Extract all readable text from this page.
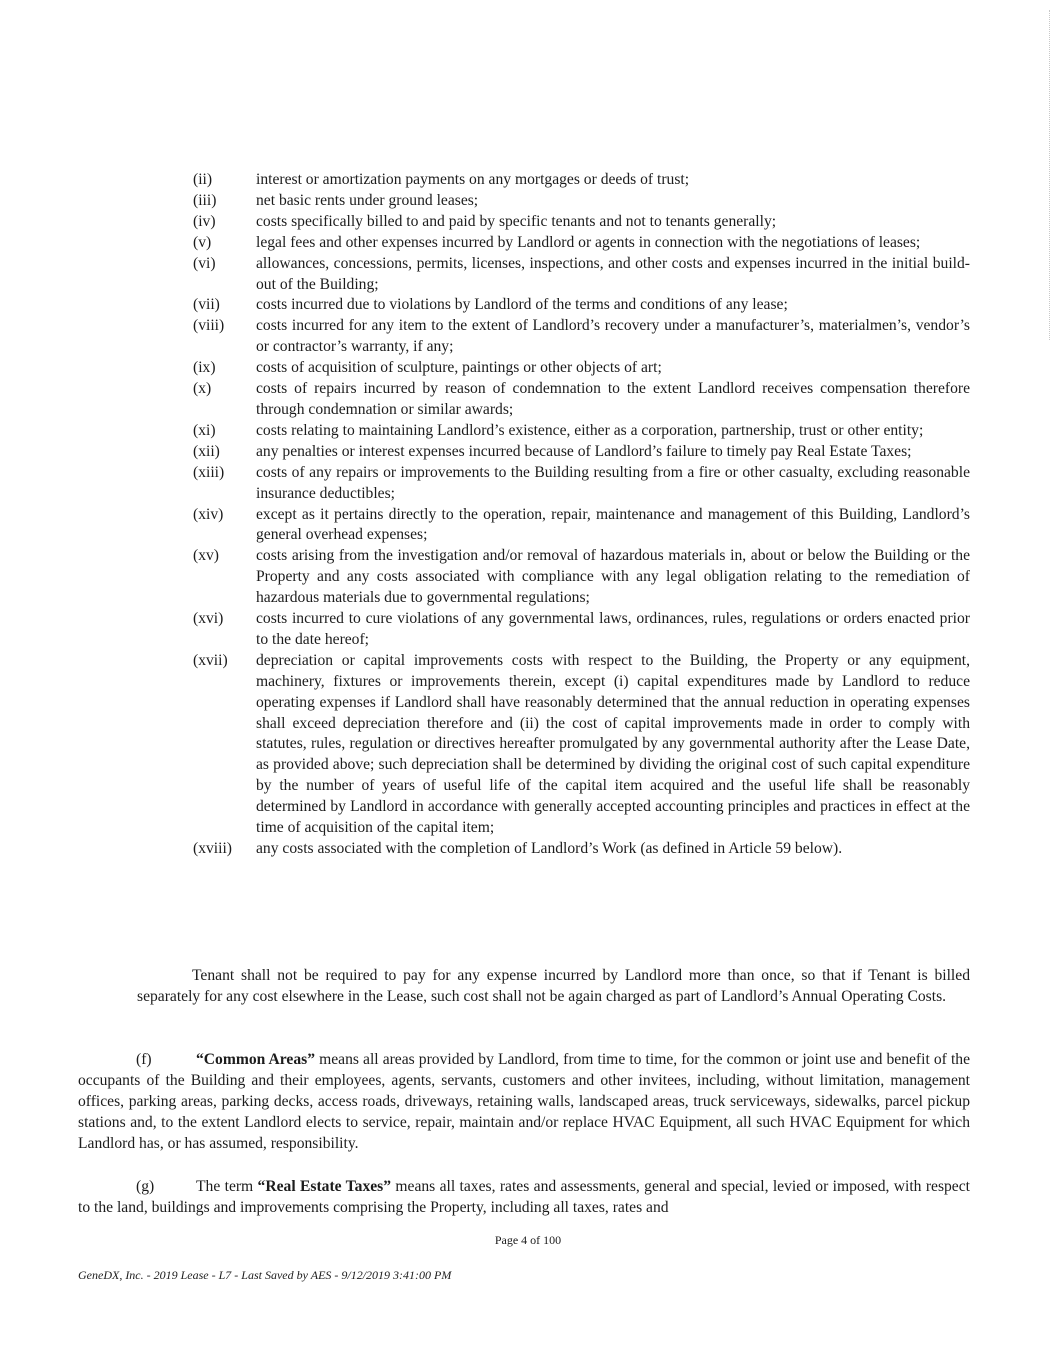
(ii)	interest or amortization payments on any mortgages or deeds of trust;
(iii)	net basic rents under ground leases;
(iv)	costs specifically billed to and paid by specific tenants and not to tenants generally;
(v)	legal fees and other expenses incurred by Landlord or agents in connection with the negotiations of leases;
(vi)	allowances, concessions, permits, licenses, inspections, and other costs and expenses incurred in the initial build-out of the Building;
(vii)	costs incurred due to violations by Landlord of the terms and conditions of any lease;
(viii)	costs incurred for any item to the extent of Landlord’s recovery under a manufacturer’s, materialmen’s, vendor’s or contractor’s warranty, if any;
(ix)	costs of acquisition of sculpture, paintings or other objects of art;
(x)	costs of repairs incurred by reason of condemnation to the extent Landlord receives compensation therefore through condemnation or similar awards;
(xi)	costs relating to maintaining Landlord’s existence, either as a corporation, partnership, trust or other entity;
(xii)	any penalties or interest expenses incurred because of Landlord’s failure to timely pay Real Estate Taxes;
(xiii)	costs of any repairs or improvements to the Building resulting from a fire or other casualty, excluding reasonable insurance deductibles;
(xiv)	except as it pertains directly to the operation, repair, maintenance and management of this Building, Landlord’s general overhead expenses;
(xv)	costs arising from the investigation and/or removal of hazardous materials in, about or below the Building or the Property and any costs associated with compliance with any legal obligation relating to the remediation of hazardous materials due to governmental regulations;
(xvi)	costs incurred to cure violations of any governmental laws, ordinances, rules, regulations or orders enacted prior to the date hereof;
(xvii)	depreciation or capital improvements costs with respect to the Building, the Property or any equipment, machinery, fixtures or improvements therein, except (i) capital expenditures made by Landlord to reduce operating expenses if Landlord shall have reasonably determined that the annual reduction in operating expenses shall exceed depreciation therefore and (ii) the cost of capital improvements made in order to comply with statutes, rules, regulation or directives hereafter promulgated by any governmental authority after the Lease Date, as provided above; such depreciation shall be determined by dividing the original cost of such capital expenditure by the number of years of useful life of the capital item acquired and the useful life shall be reasonably determined by Landlord in accordance with generally accepted accounting principles and practices in effect at the time of acquisition of the capital item;
(xviii)	any costs associated with the completion of Landlord’s Work (as defined in Article 59 below).

Tenant shall not be required to pay for any expense incurred by Landlord more than once, so that if Tenant is billed separately for any cost elsewhere in the Lease, such cost shall not be again charged as part of Landlord’s Annual Operating Costs.

(f)	“Common Areas” means all areas provided by Landlord, from time to time, for the common or joint use and benefit of the occupants of the Building and their employees, agents, servants, customers and other invitees, including, without limitation, management offices, parking areas, parking decks, access roads, driveways, retaining walls, landscaped areas, truck serviceways, sidewalks, parcel pickup stations and, to the extent Landlord elects to service, repair, maintain and/or replace HVAC Equipment, all such HVAC Equipment for which Landlord has, or has assumed, responsibility.

(g)	The term “Real Estate Taxes” means all taxes, rates and assessments, general and special, levied or imposed, with respect to the land, buildings and improvements comprising the Property, including all taxes, rates and

Page 4 of 100
GeneDX, Inc. - 2019 Lease - L7 - Last Saved by AES - 9/12/2019 3:41:00 PM
